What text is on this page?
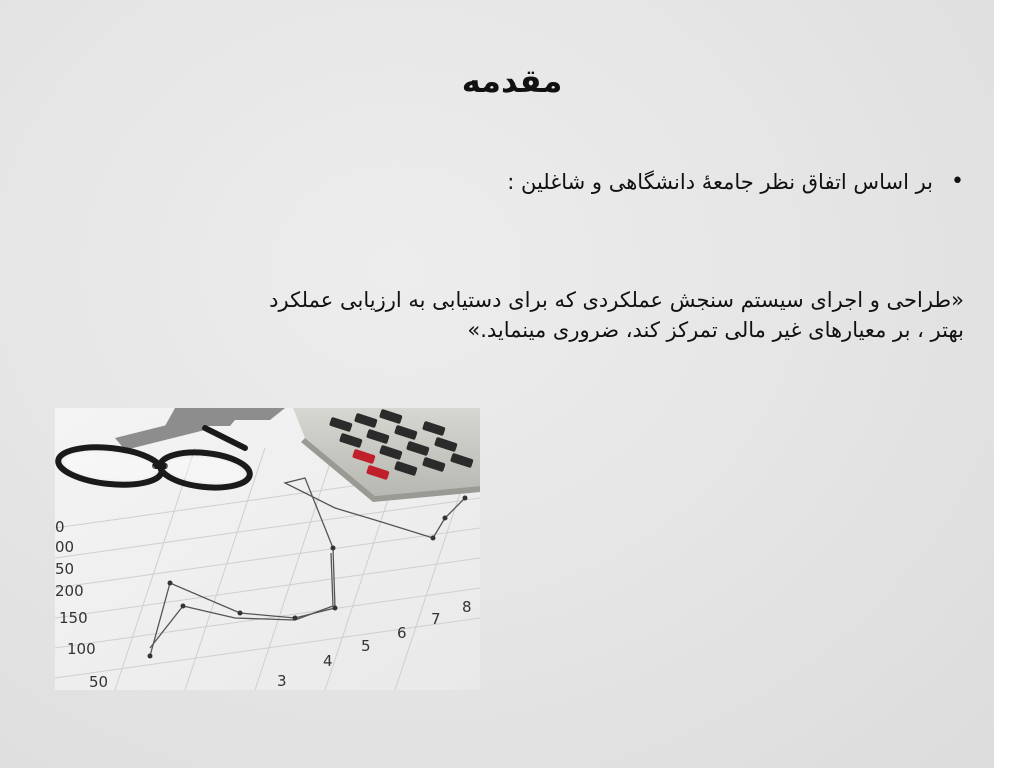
مقدمه
•
بر اساس اتفاق نظر جامعۀ دانشگاهی و شاغلین :

«طراحی و اجرای سیستم سنجش عملکردی که برای دستیابی به ارزیابی عملکرد

بهتر ، بر معیارهای غیر مالی تمرکز کند، ضروری مینماید.»

50
100
150
200
50
00
0
3
4
5
6
7
8
